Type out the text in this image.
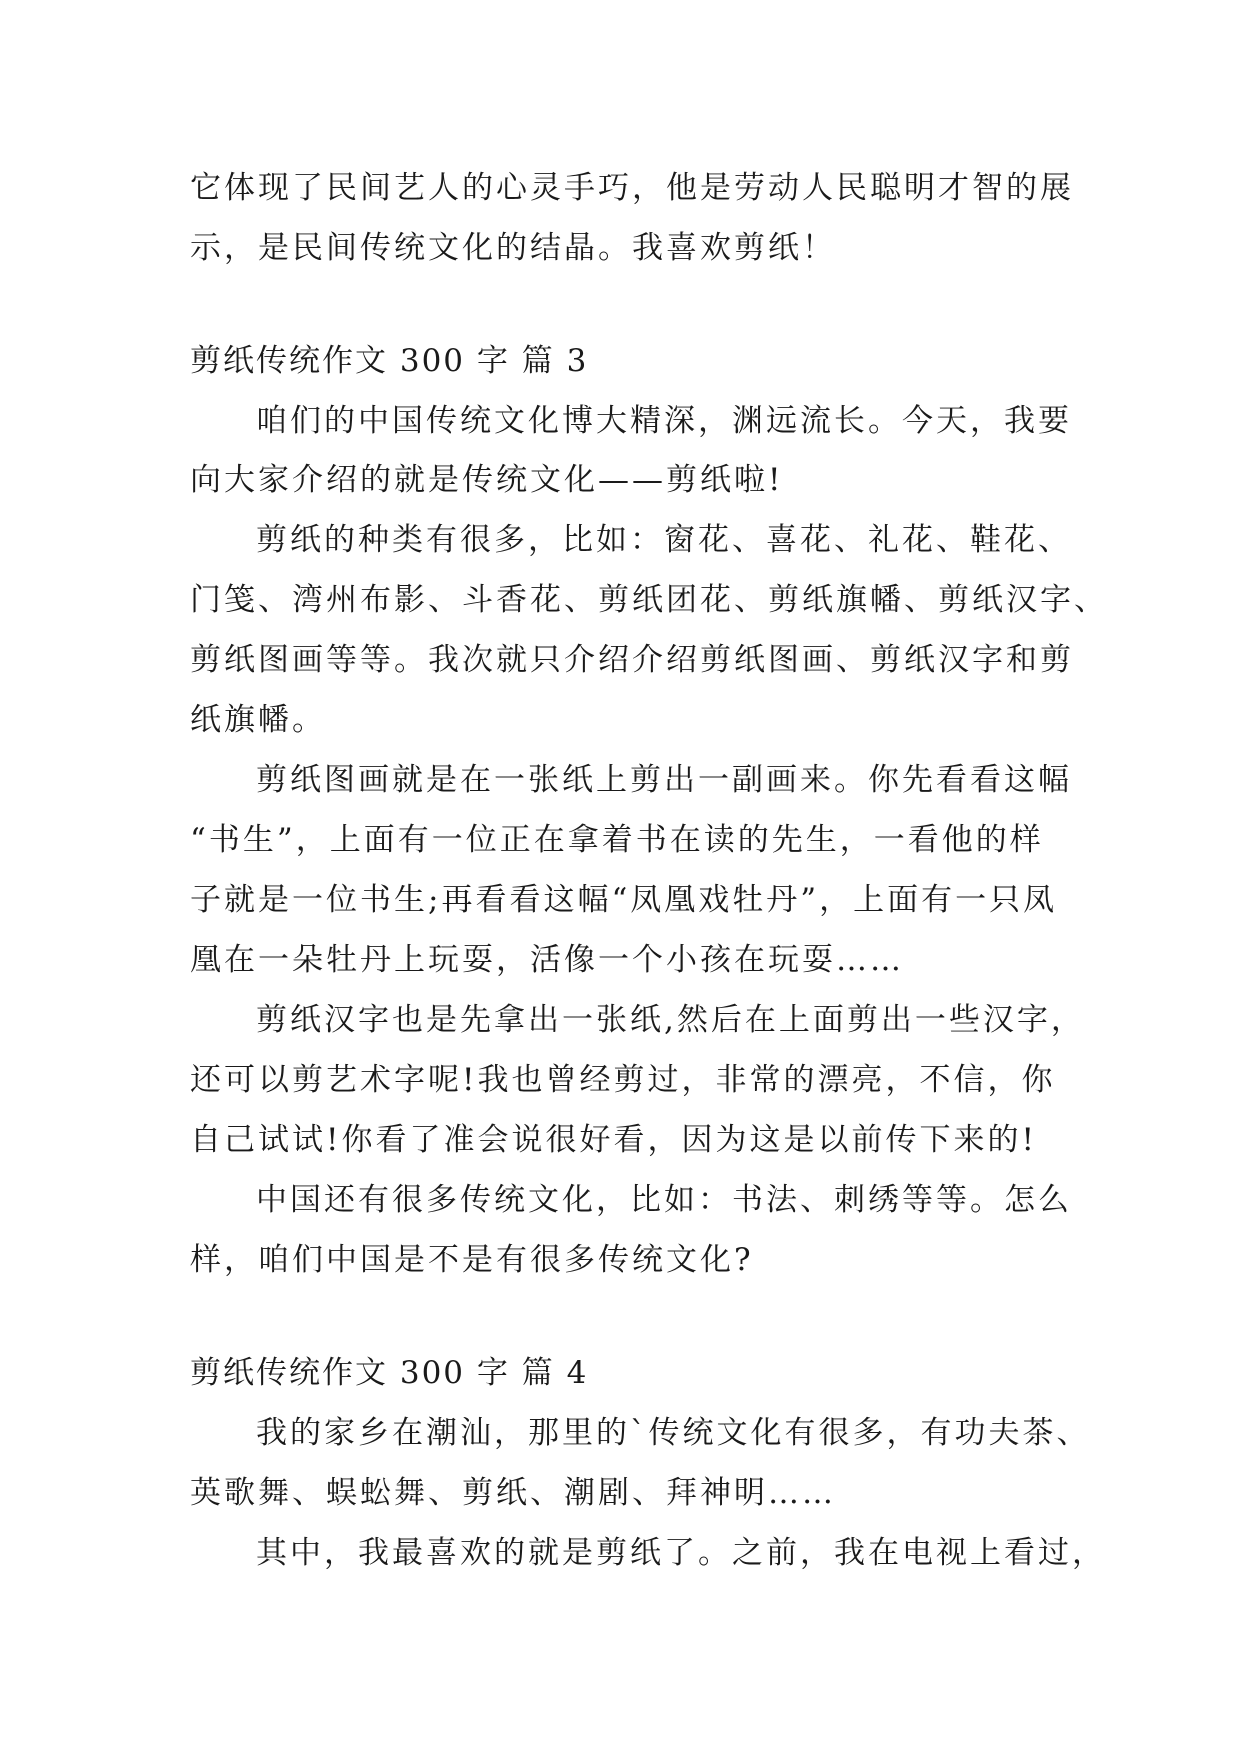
它体现了民间艺人的心灵手巧，他是劳动人民聪明才智的展
示，是民间传统文化的结晶。我喜欢剪纸！
剪纸传统作文 300 字 篇 3
咱们的中国传统文化博大精深，渊远流长。今天，我要
向大家介绍的就是传统文化——剪纸啦!
剪纸的种类有很多，比如：窗花、喜花、礼花、鞋花、
门笺、湾州布影、斗香花、剪纸团花、剪纸旗幡、剪纸汉字、
剪纸图画等等。我次就只介绍介绍剪纸图画、剪纸汉字和剪
纸旗幡。
剪纸图画就是在一张纸上剪出一副画来。你先看看这幅
“书生”，上面有一位正在拿着书在读的先生，一看他的样
子就是一位书生;再看看这幅“凤凰戏牡丹”，上面有一只凤
凰在一朵牡丹上玩耍，活像一个小孩在玩耍……
剪纸汉字也是先拿出一张纸,然后在上面剪出一些汉字，
还可以剪艺术字呢!我也曾经剪过，非常的漂亮，不信，你
自己试试!你看了准会说很好看，因为这是以前传下来的!
中国还有很多传统文化，比如：书法、刺绣等等。怎么
样，咱们中国是不是有很多传统文化?
剪纸传统作文 300 字 篇 4
我的家乡在潮汕，那里的`传统文化有很多，有功夫茶、
英歌舞、蜈蚣舞、剪纸、潮剧、拜神明……
其中，我最喜欢的就是剪纸了。之前，我在电视上看过，
